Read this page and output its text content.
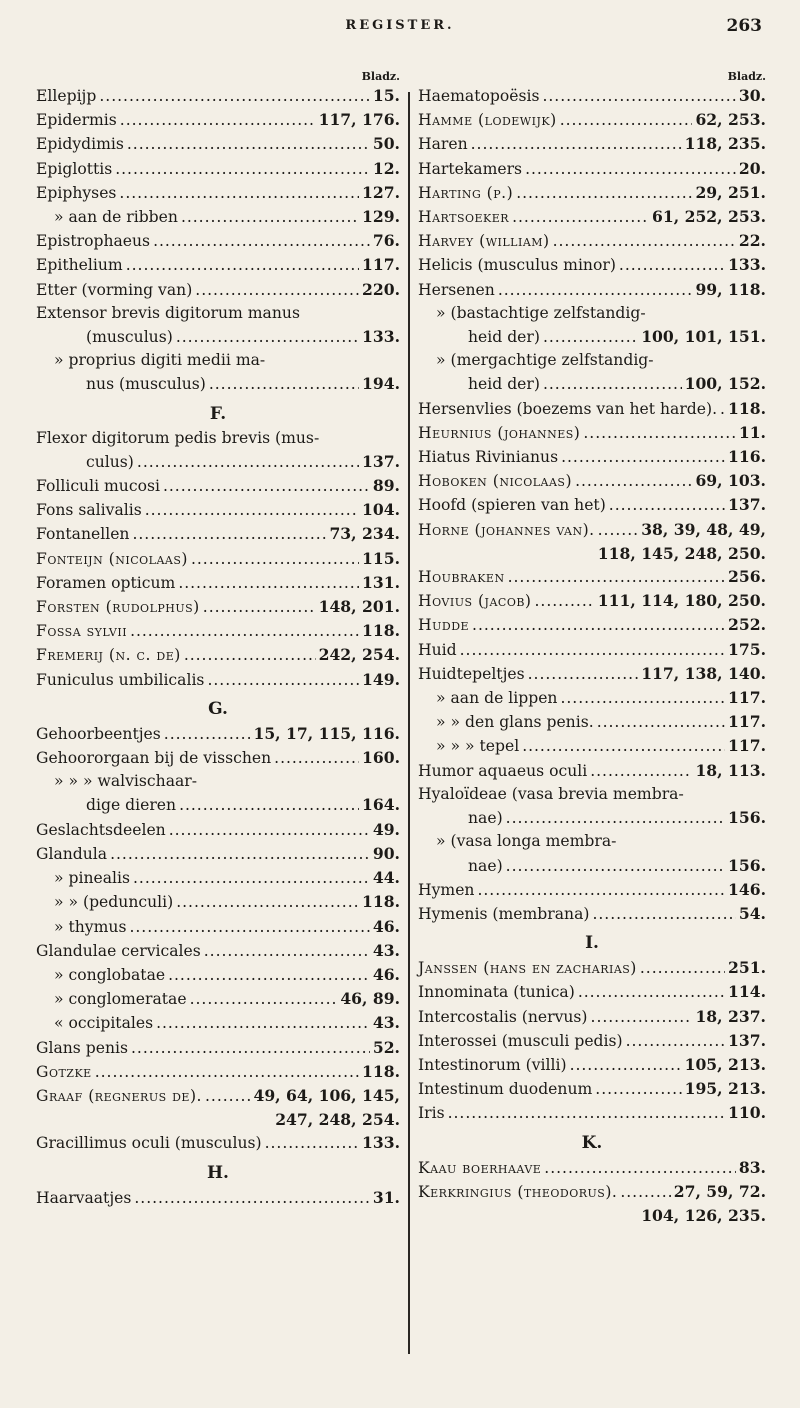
REGISTER.	263
Bladz.
Ellepijp . . .	15.
Epidermis . . .	117, 176.
Epidydimis . . .	50.
Epiglottis . . .	12.
Epiphyses . . .	127.
» aan de ribben . . .	129.
Epistrophaeus . . .	76.
Epithelium . . .	117.
Etter (vorming van) . . .	220.
Extensor brevis digitorum manus
(musculus) . . .	133.
» proprius digiti medii ma-
nus (musculus) . . .	194.
F.
Flexor digitorum pedis brevis (mus-
culus) . . .	137.
Folliculi mucosi . . .	89.
Fons salivalis . . .	104.
Fontanellen . . .	73, 234.
Fonteijn (nicolaas) . . .	115.
Foramen opticum . . .	131.
Forsten (rudolphus) . . .	148, 201.
Fossa sylvii . . .	118.
Fremerij (n. c. de) . . .	242, 254.
Funiculus umbilicalis . . .	149.
G.
Gehoorbeentjes . . .	15, 17, 115, 116.
Gehoororgaan bij de visschen . . .	160.
» » » walvischaar-
dige dieren . . .	164.
Geslachtsdeelen . . .	49.
Glandula . . .	90.
» pinealis . . .	44.
» » (pedunculi) . . .	118.
» thymus . . .	46.
Glandulae cervicales . . .	43.
» conglobatae . . .	46.
» conglomeratae . . .	46, 89.
« occipitales . . .	43.
Glans penis . . .	52.
Gotzke . . .	118.
Graaf (regnerus de). . . .	49, 64, 106, 145,
247, 248, 254.
Gracillimus oculi (musculus) . . .	133.
H.
Haarvaatjes . . .	31.
Bladz.
Haematopoësis . . .	30.
Hamme (lodewijk) . . .	62, 253.
Haren . . .	118, 235.
Hartekamers . . .	20.
Harting (p.) . . .	29, 251.
Hartsoeker . . .	61, 252, 253.
Harvey (william) . . .	22.
Helicis (musculus minor) . . .	133.
Hersenen . . .	99, 118.
» (bastachtige zelfstandig-
heid der) . . .	100, 101, 151.
» (mergachtige zelfstandig-
heid der) . . .	100, 152.
Hersenvlies (boezems van het harde). . . . 118.
Heurnius (johannes) . . .	11.
Hiatus Rivinianus . . .	116.
Hoboken (nicolaas) . . .	69, 103.
Hoofd (spieren van het) . . .	137.
Horne (johannes van). . . .	38, 39, 48, 49,
118, 145, 248, 250.
Houbraken . . .	256.
Hovius (jacob) . . .	111, 114, 180, 250.
Hudde . . .	252.
Huid . . .	175.
Huidtepeltjes . . .	117, 138, 140.
» aan de lippen . . .	117.
» » den glans penis. . . .	117.
» » » tepel . . .	117.
Humor aquaeus oculi . . .	18, 113.
Hyaloïdeae (vasa brevia membra-
nae) . . .	156.
» (vasa longa membra-
nae) . . .	156.
Hymen . . .	146.
Hymenis (membrana) . . .	54.
I.
Janssen (hans en zacharias) . . .	251.
Innominata (tunica) . . .	114.
Intercostalis (nervus) . . .	18, 237.
Interossei (musculi pedis) . . .	137.
Intestinorum (villi) . . .	105, 213.
Intestinum duodenum . . .	195, 213.
Iris . . .	110.
K.
Kaau boerhaave . . .	83.
Kerkringius (theodorus). . . .	27, 59, 72.
104, 126, 235.
